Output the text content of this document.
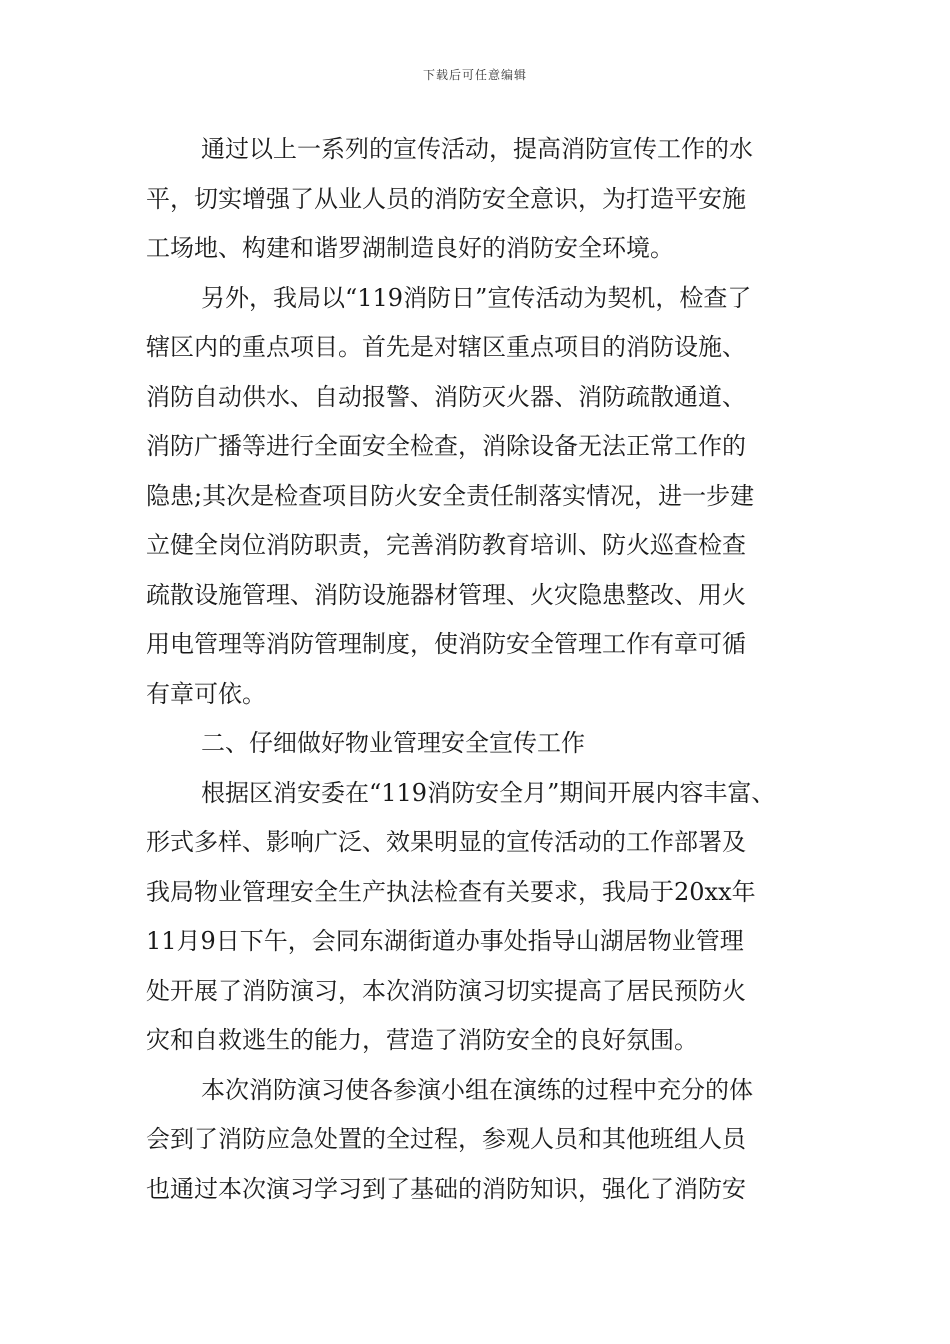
下载后可任意编辑
通过以上一系列的宣传活动，提高消防宣传工作的水
平，切实增强了从业人员的消防安全意识，为打造平安施
工场地、构建和谐罗湖制造良好的消防安全环境。
另外，我局以“119消防日”宣传活动为契机，检查了
辖区内的重点项目。首先是对辖区重点项目的消防设施、
消防自动供水、自动报警、消防灭火器、消防疏散通道、
消防广播等进行全面安全检查，消除设备无法正常工作的
隐患;其次是检查项目防火安全责任制落实情况，进一步建
立健全岗位消防职责，完善消防教育培训、防火巡查检查
疏散设施管理、消防设施器材管理、火灾隐患整改、用火
用电管理等消防管理制度，使消防安全管理工作有章可循
有章可依。
二、仔细做好物业管理安全宣传工作
根据区消安委在“119消防安全月”期间开展内容丰富、
形式多样、影响广泛、效果明显的宣传活动的工作部署及
我局物业管理安全生产执法检查有关要求，我局于20xx年
11月9日下午，会同东湖街道办事处指导山湖居物业管理
处开展了消防演习，本次消防演习切实提高了居民预防火
灾和自救逃生的能力，营造了消防安全的良好氛围。
本次消防演习使各参演小组在演练的过程中充分的体
会到了消防应急处置的全过程，参观人员和其他班组人员
也通过本次演习学习到了基础的消防知识，强化了消防安
